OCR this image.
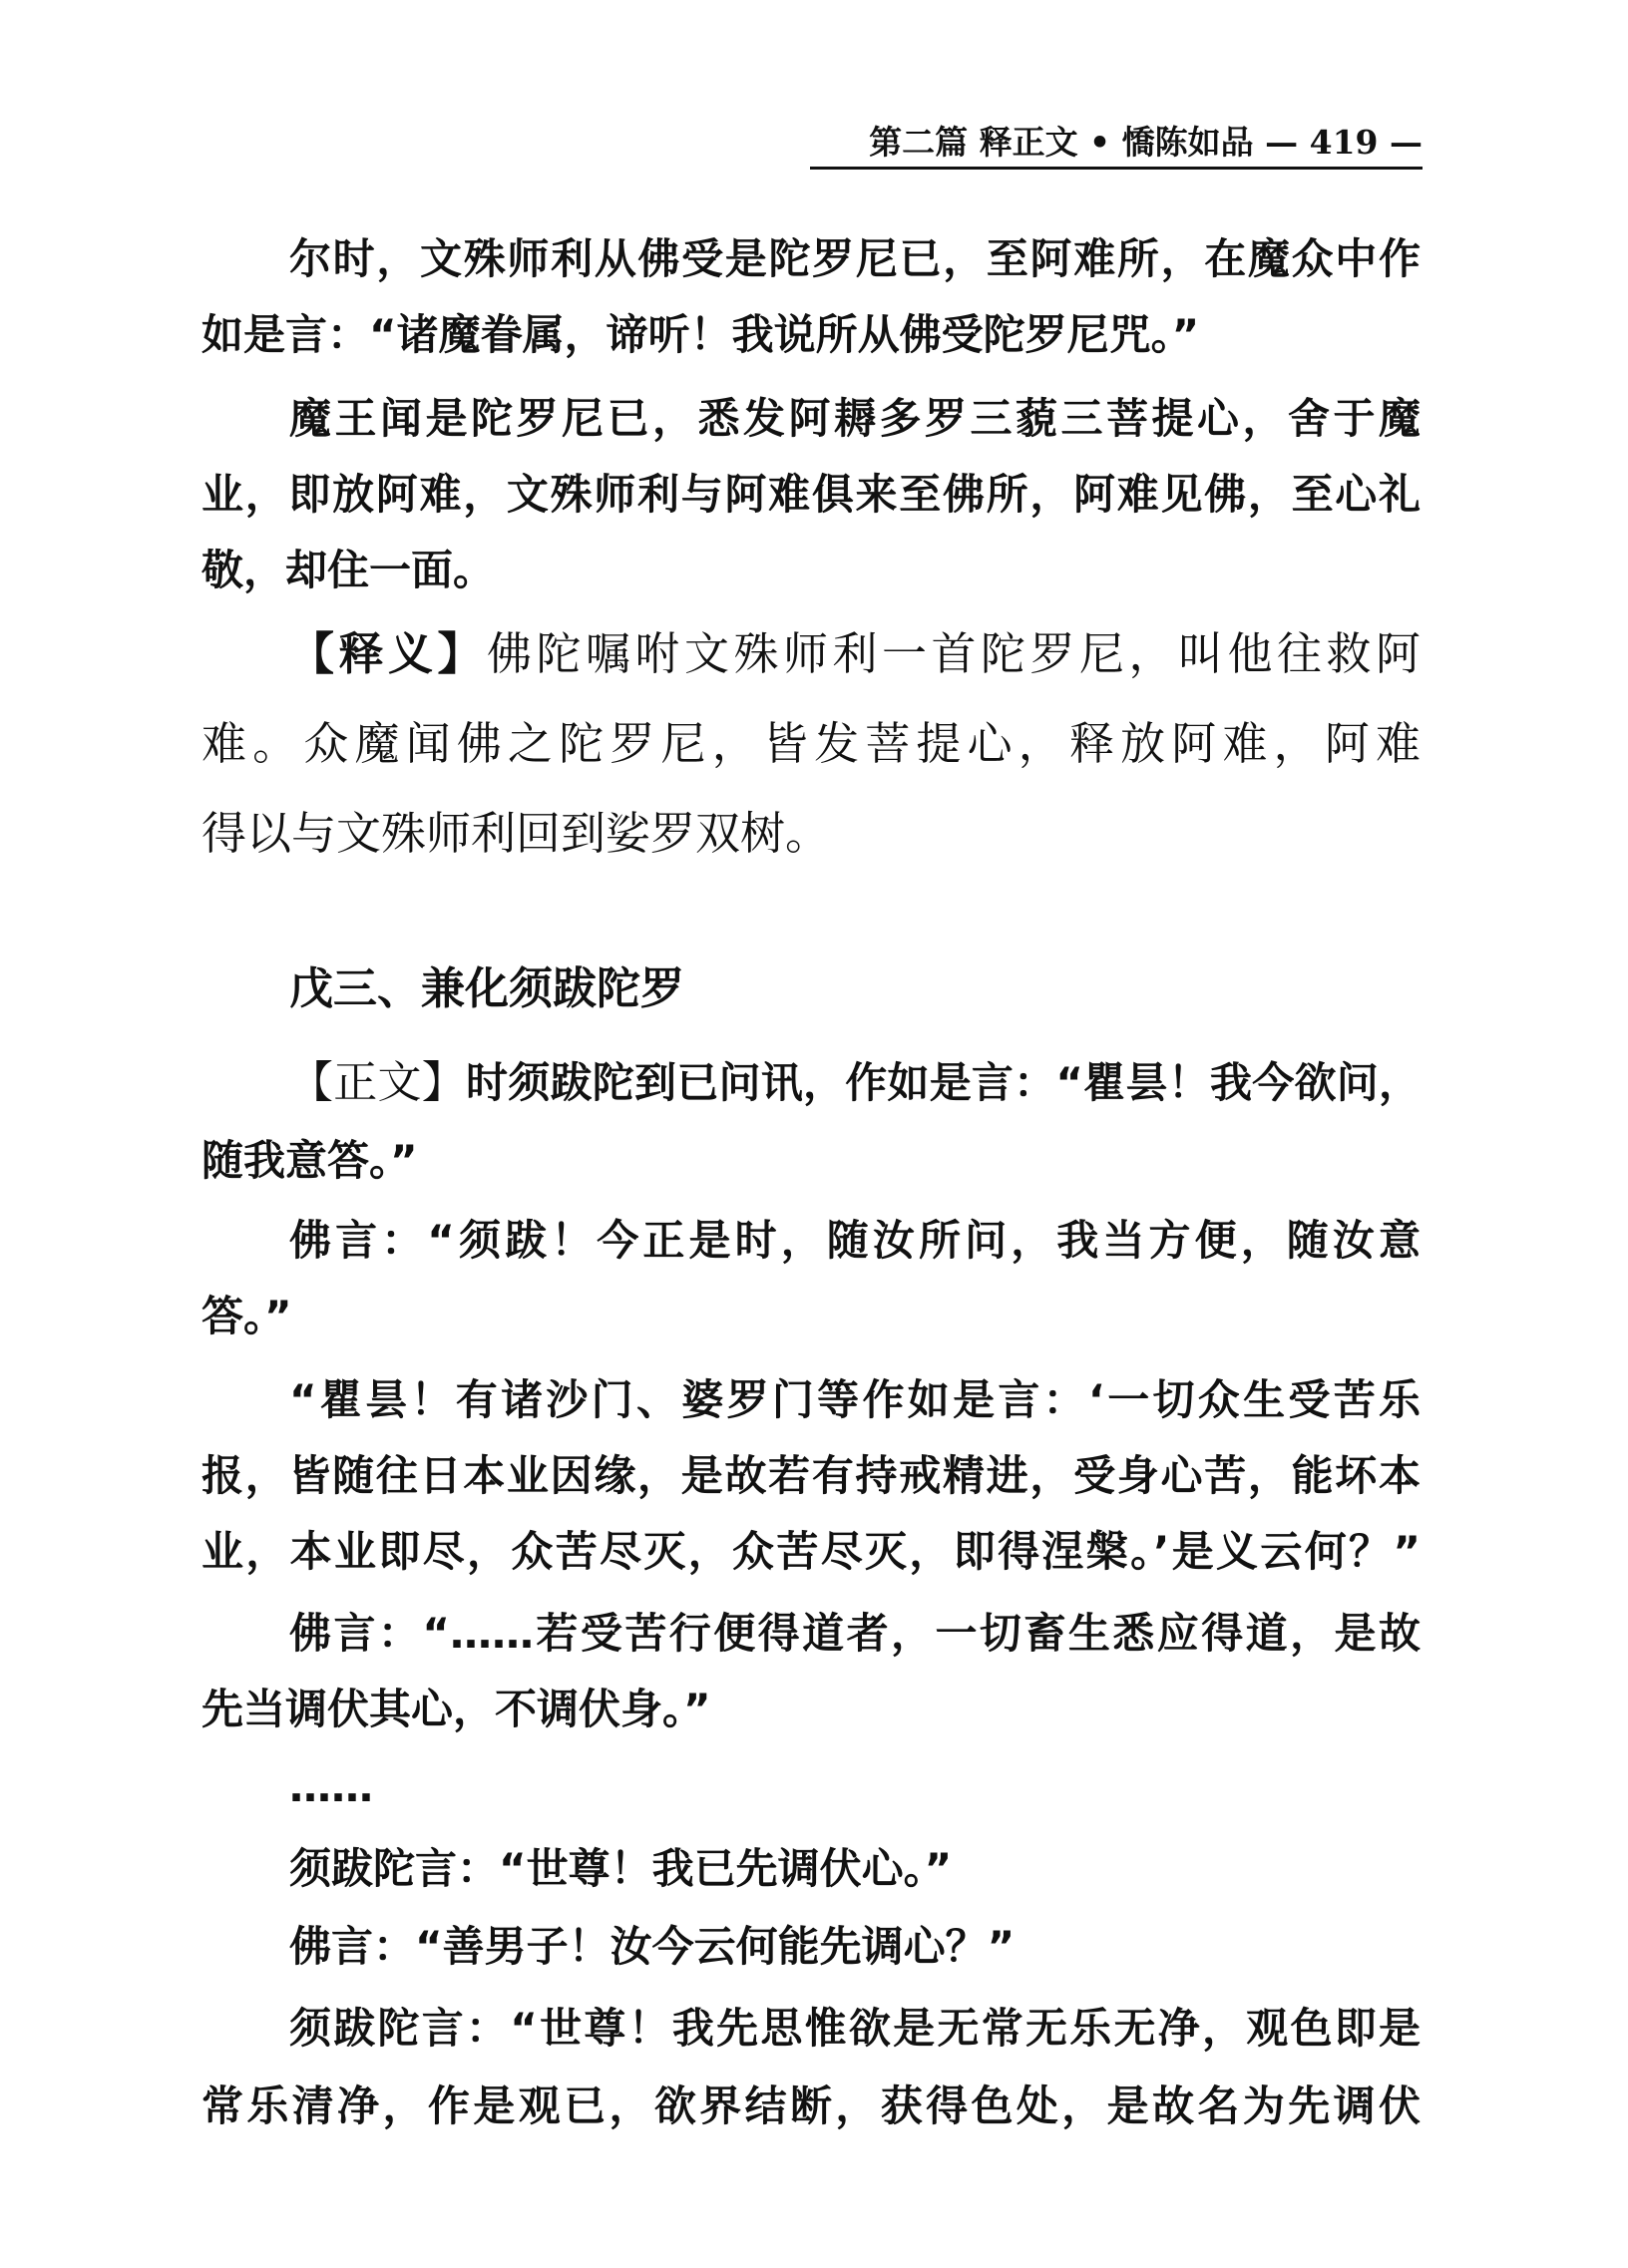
第二篇 释正文 • 憍陈如品 — 419 —
尔时，文殊师利从佛受是陀罗尼已，至阿难所，在魔众中作
如是言：“诸魔眷属，谛听！我说所从佛受陀罗尼咒。”
魔王闻是陀罗尼已，悉发阿耨多罗三藐三菩提心，舍于魔
业，即放阿难，文殊师利与阿难俱来至佛所，阿难见佛，至心礼
敬，却住一面。
【释义】佛陀嘱咐文殊师利一首陀罗尼，叫他往救阿
难。众魔闻佛之陀罗尼，皆发菩提心，释放阿难，阿难
得以与文殊师利回到娑罗双树。
【正文】时须跋陀到已问讯，作如是言：“瞿昙！我今欲问，
随我意答。”
佛言：“须跋！今正是时，随汝所问，我当方便，随汝意
答。”
“瞿昙！有诸沙门、婆罗门等作如是言：‘一切众生受苦乐
报，皆随往日本业因缘，是故若有持戒精进，受身心苦，能坏本
业，本业即尽，众苦尽灭，众苦尽灭，即得涅槃。’是义云何？”
佛言：“……若受苦行便得道者，一切畜生悉应得道，是故
先当调伏其心，不调伏身。”
……
须跋陀言：“世尊！我已先调伏心。”
佛言：“善男子！汝今云何能先调心？”
须跋陀言：“世尊！我先思惟欲是无常无乐无净，观色即是
常乐清净，作是观已，欲界结断，获得色处，是故名为先调伏
戊三、兼化须跋陀罗
